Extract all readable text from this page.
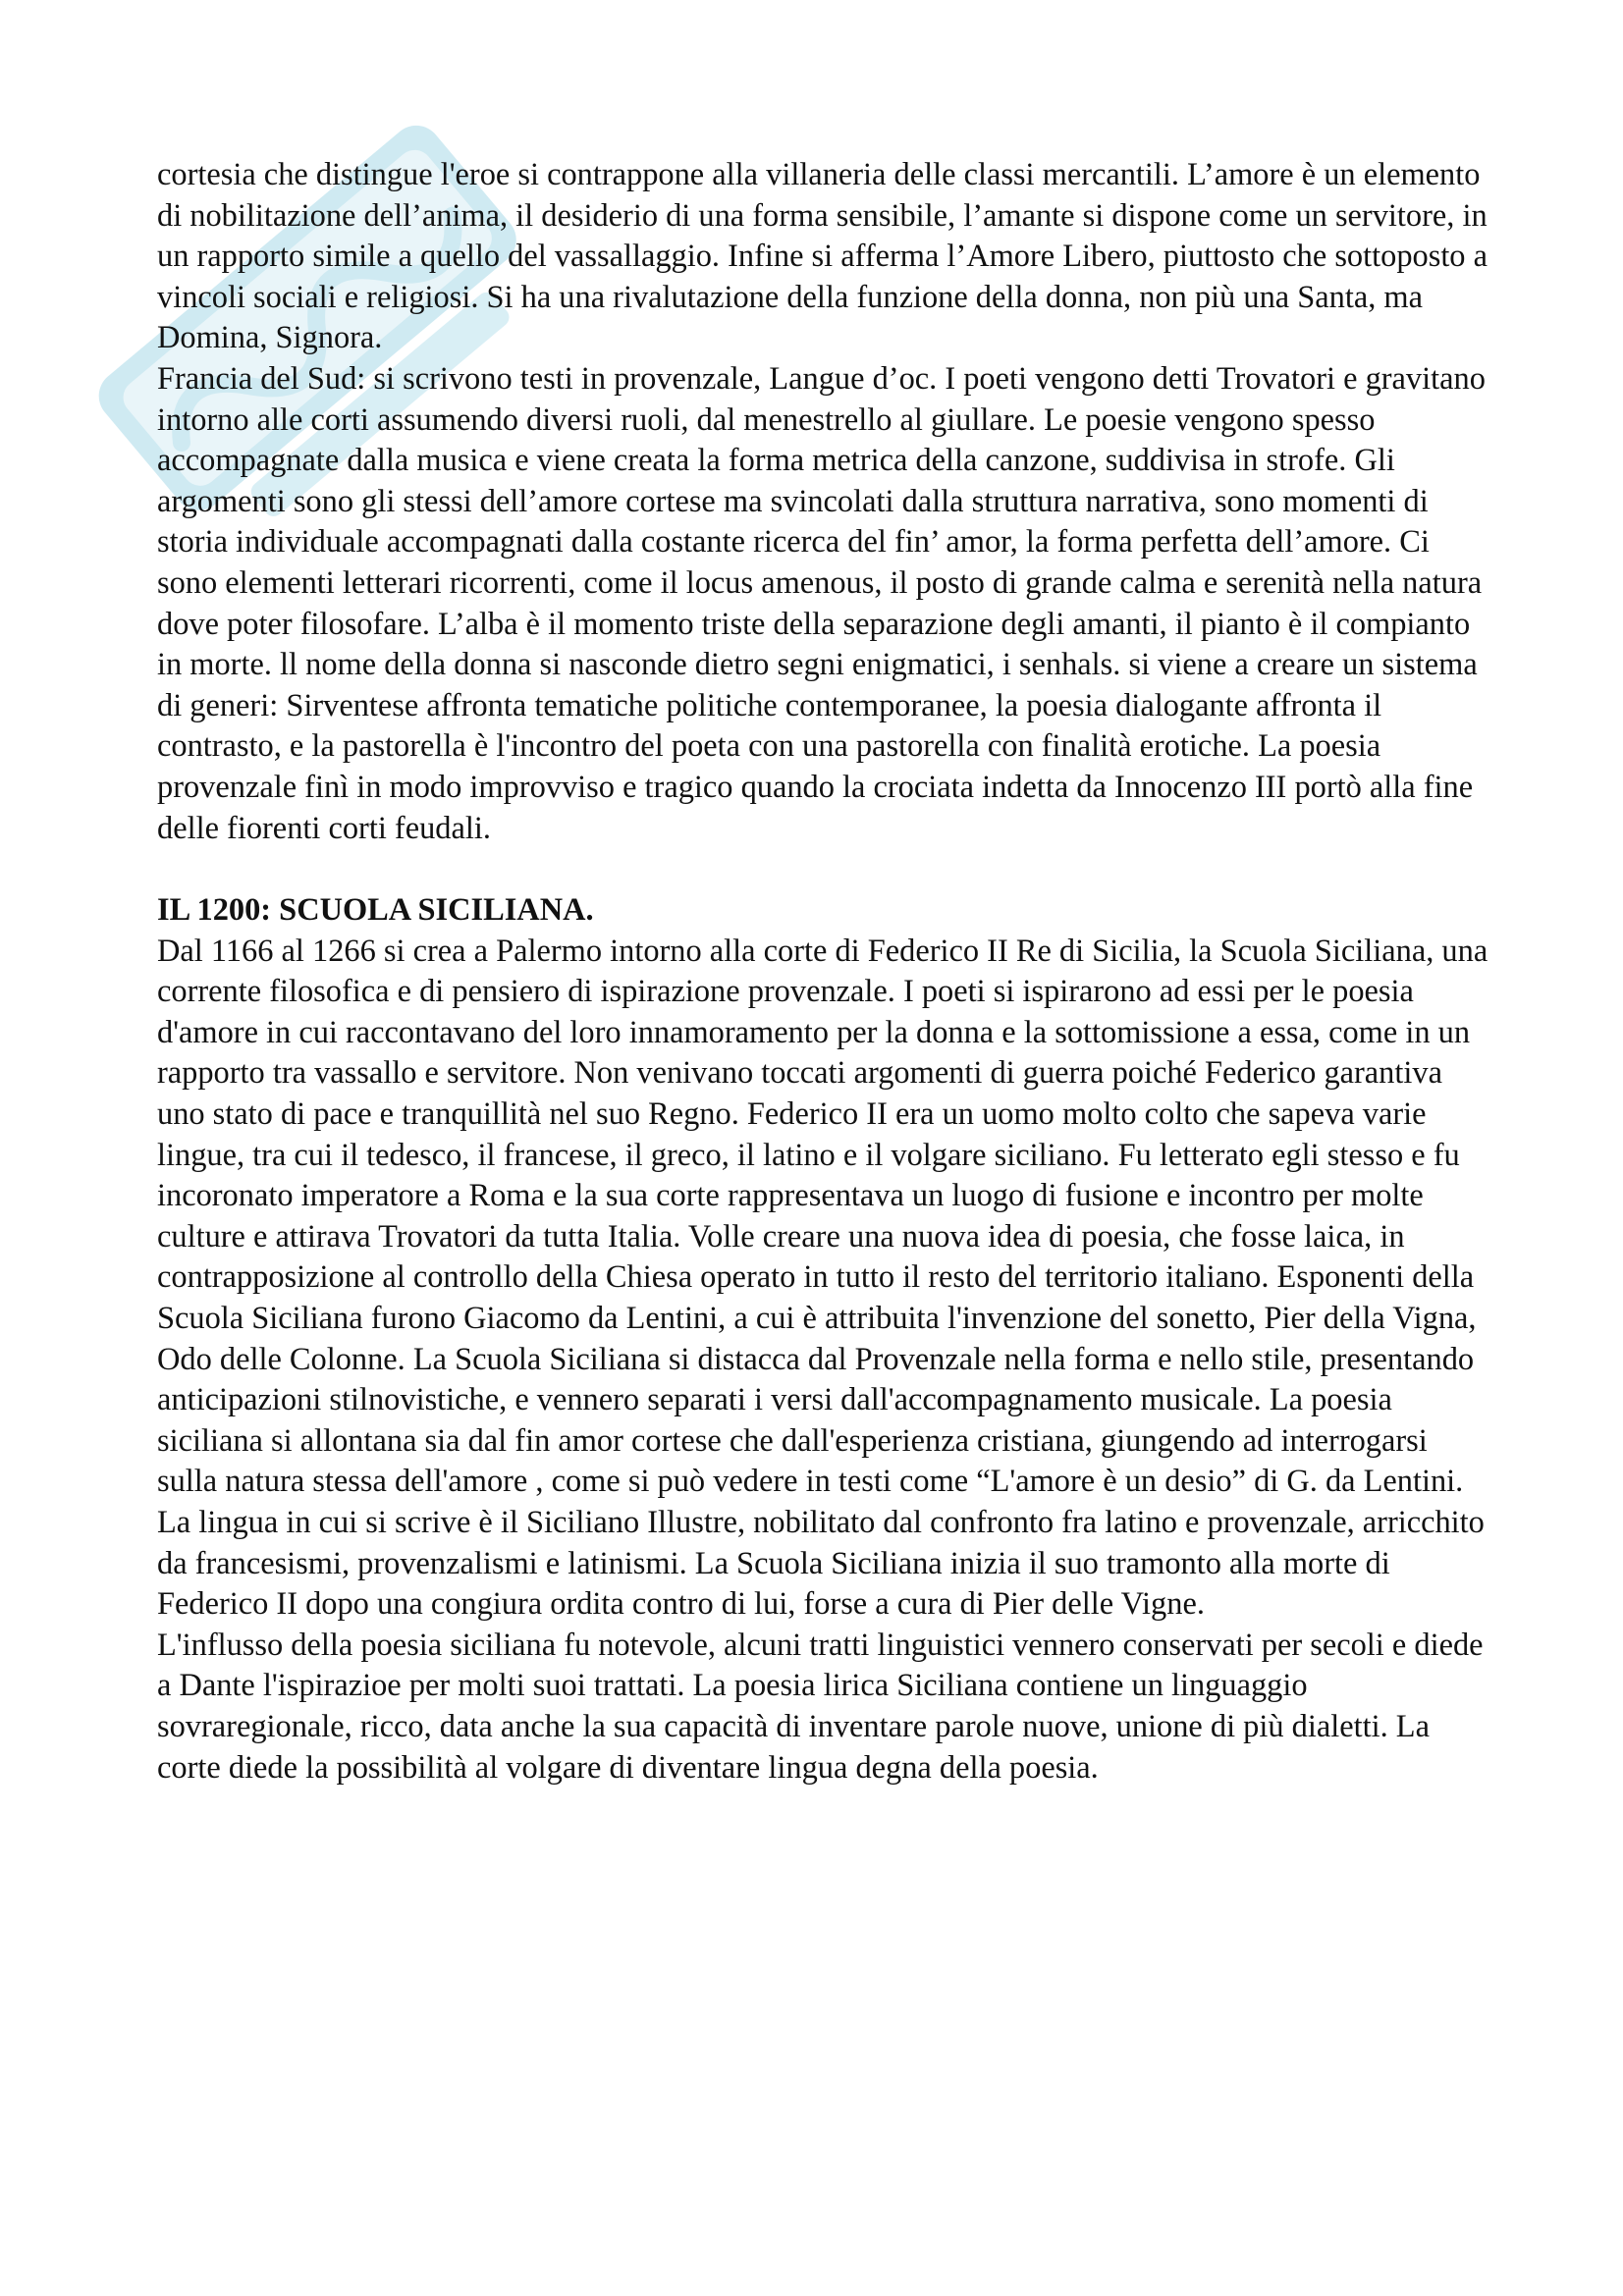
cortesia che distingue l'eroe si contrappone alla villaneria delle classi mercantili. L’amore è un elemento di nobilitazione dell’anima, il desiderio di una forma sensibile, l’amante si dispone come un servitore, in un rapporto simile a quello del vassallaggio. Infine si afferma l’Amore Libero, piuttosto che sottoposto a vincoli sociali e religiosi. Si ha una rivalutazione della funzione della donna, non più una Santa, ma Domina, Signora.

Francia del Sud: si scrivono testi in provenzale, Langue d’oc. I poeti vengono detti Trovatori e gravitano intorno alle corti assumendo diversi ruoli, dal menestrello al giullare. Le poesie vengono spesso accompagnate dalla musica e viene creata la forma metrica della canzone, suddivisa in strofe. Gli argomenti sono gli stessi dell’amore cortese ma svincolati dalla struttura narrativa, sono momenti di storia individuale accompagnati dalla costante ricerca del fin’ amor, la forma perfetta dell’amore. Ci sono elementi letterari ricorrenti, come il locus amenous, il posto di grande calma e serenità nella natura dove poter filosofare. L’alba è il momento triste della separazione degli amanti, il pianto è il compianto in morte. ll nome della donna si nasconde dietro segni enigmatici, i senhals. si viene a creare un sistema di generi: Sirventese affronta tematiche politiche contemporanee, la poesia dialogante affronta il contrasto, e la pastorella è l'incontro del poeta con una pastorella con finalità erotiche. La poesia provenzale finì in modo improvviso e tragico quando la crociata indetta da Innocenzo III portò alla fine delle fiorenti corti feudali.

IL 1200: SCUOLA SICILIANA.

Dal 1166 al 1266 si crea a Palermo intorno alla corte di Federico II Re di Sicilia, la Scuola Siciliana, una corrente filosofica e di pensiero di ispirazione provenzale. I poeti si ispirarono ad essi per le poesia d'amore in cui raccontavano del loro innamoramento per la donna e la sottomissione a essa, come in un rapporto tra vassallo e servitore. Non venivano toccati argomenti di guerra poiché Federico garantiva uno stato di pace e tranquillità nel suo Regno. Federico II era un uomo molto colto che sapeva varie lingue, tra cui il tedesco, il francese, il greco, il latino e il volgare siciliano. Fu letterato egli stesso e fu incoronato imperatore a Roma e la sua corte rappresentava un luogo di fusione e incontro per molte culture e attirava Trovatori da tutta Italia. Volle creare una nuova idea di poesia, che fosse laica, in contrapposizione al controllo della Chiesa operato in tutto il resto del territorio italiano. Esponenti della Scuola Siciliana furono Giacomo da Lentini, a cui è attribuita l'invenzione del sonetto, Pier della Vigna, Odo delle Colonne. La Scuola Siciliana si distacca dal Provenzale nella forma e nello stile, presentando anticipazioni stilnovistiche, e vennero separati i versi dall'accompagnamento musicale. La poesia siciliana si allontana sia dal fin amor cortese che dall'esperienza cristiana, giungendo ad interrogarsi sulla natura stessa dell'amore , come si può vedere in testi come “L'amore è un desio” di G. da Lentini. La lingua in cui si scrive è il Siciliano Illustre, nobilitato dal confronto fra latino e provenzale, arricchito da francesismi, provenzalismi e latinismi. La Scuola Siciliana inizia il suo tramonto alla morte di Federico II dopo una congiura ordita contro di lui, forse a cura di Pier delle Vigne.

L'influsso della poesia siciliana fu notevole, alcuni tratti linguistici vennero conservati per secoli e diede a Dante l'ispirazioe per molti suoi trattati. La poesia lirica Siciliana contiene un linguaggio sovraregionale, ricco, data anche la sua capacità di inventare parole nuove, unione di più dialetti. La corte diede la possibilità al volgare di diventare lingua degna della poesia.
